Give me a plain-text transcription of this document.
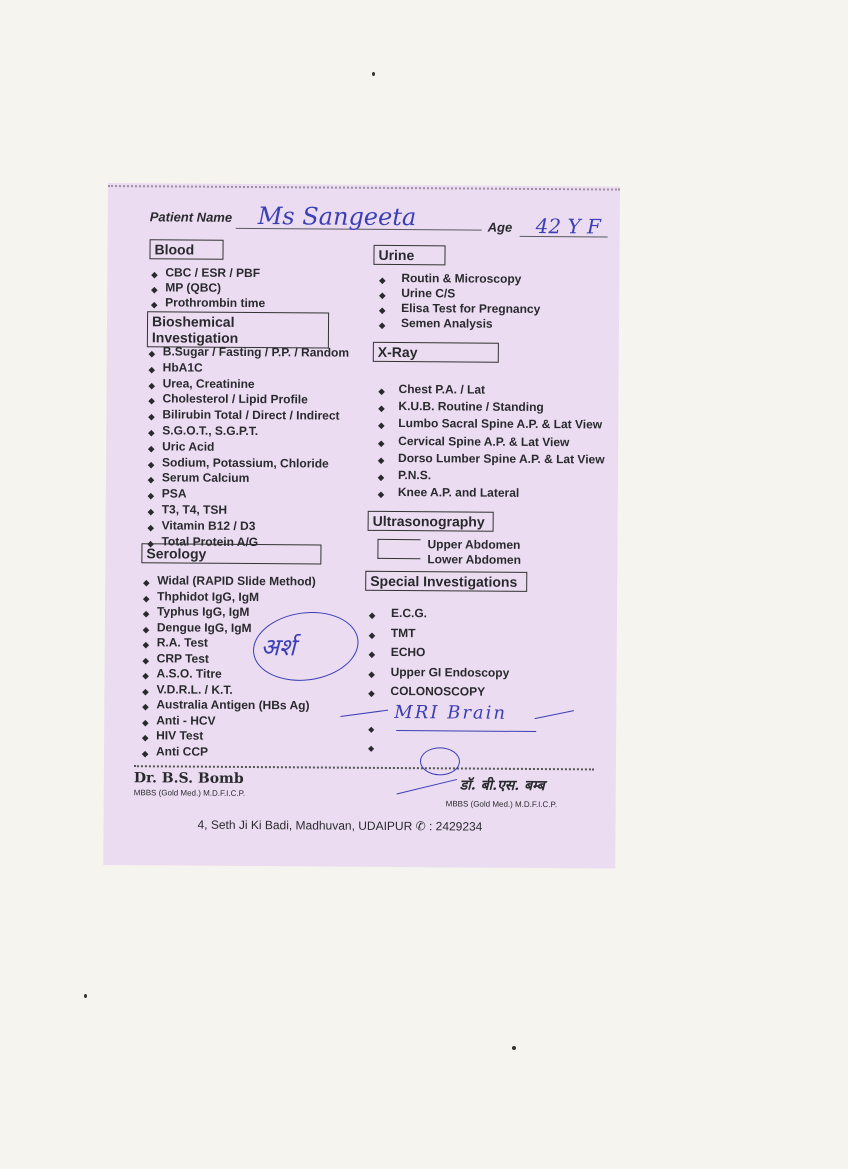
Patient Name Ms Sangeeta	Age 42 Y F
Blood
◆ CBC / ESR / PBF
◆ MP (QBC)
◆ Prothrombin time
Bioshemical Investigation
◆ B.Sugar / Fasting / P.P. / Random
◆ HbA1C
◆ Urea, Creatinine
◆ Cholesterol / Lipid Profile
◆ Bilirubin Total / Direct / Indirect
◆ S.G.O.T., S.G.P.T.
◆ Uric Acid
◆ Sodium, Potassium, Chloride
◆ Serum Calcium
◆ PSA
◆ T3, T4, TSH
◆ Vitamin B12 / D3
◆ Total Protein A/G
Serology
◆ Widal (RAPID Slide Method)
◆ Thphidot IgG, IgM
◆ Typhus IgG, IgM
◆ Dengue IgG, IgM
◆ R.A. Test
◆ CRP Test
◆ A.S.O. Titre
◆ V.D.R.L. / K.T.
◆ Australia Antigen (HBs Ag)
◆ Anti - HCV
◆ HIV Test
◆ Anti CCP
अर्श
Urine
◆ Routin & Microscopy
◆ Urine C/S
◆ Elisa Test for Pregnancy
◆ Semen Analysis
X-Ray
◆ Chest P.A. / Lat
◆ K.U.B. Routine / Standing
◆ Lumbo Sacral Spine A.P. & Lat View
◆ Cervical Spine A.P. & Lat View
◆ Dorso Lumber Spine A.P. & Lat View
◆ P.N.S.
◆ Knee A.P. and Lateral
Ultrasonography
Upper Abdomen
Lower Abdomen
Special Investigations
◆ E.C.G.
◆ TMT
◆ ECHO
◆ Upper GI Endoscopy
◆ COLONOSCOPY
MRI Brain
◆
◆
Dr. B.S. Bomb
MBBS (Gold Med.) M.D.F.I.C.P.	डॉ. बी.एस. बम्ब
MBBS (Gold Med.) M.D.F.I.C.P.
4, Seth Ji Ki Badi, Madhuvan, UDAIPUR ✆ : 2429234
